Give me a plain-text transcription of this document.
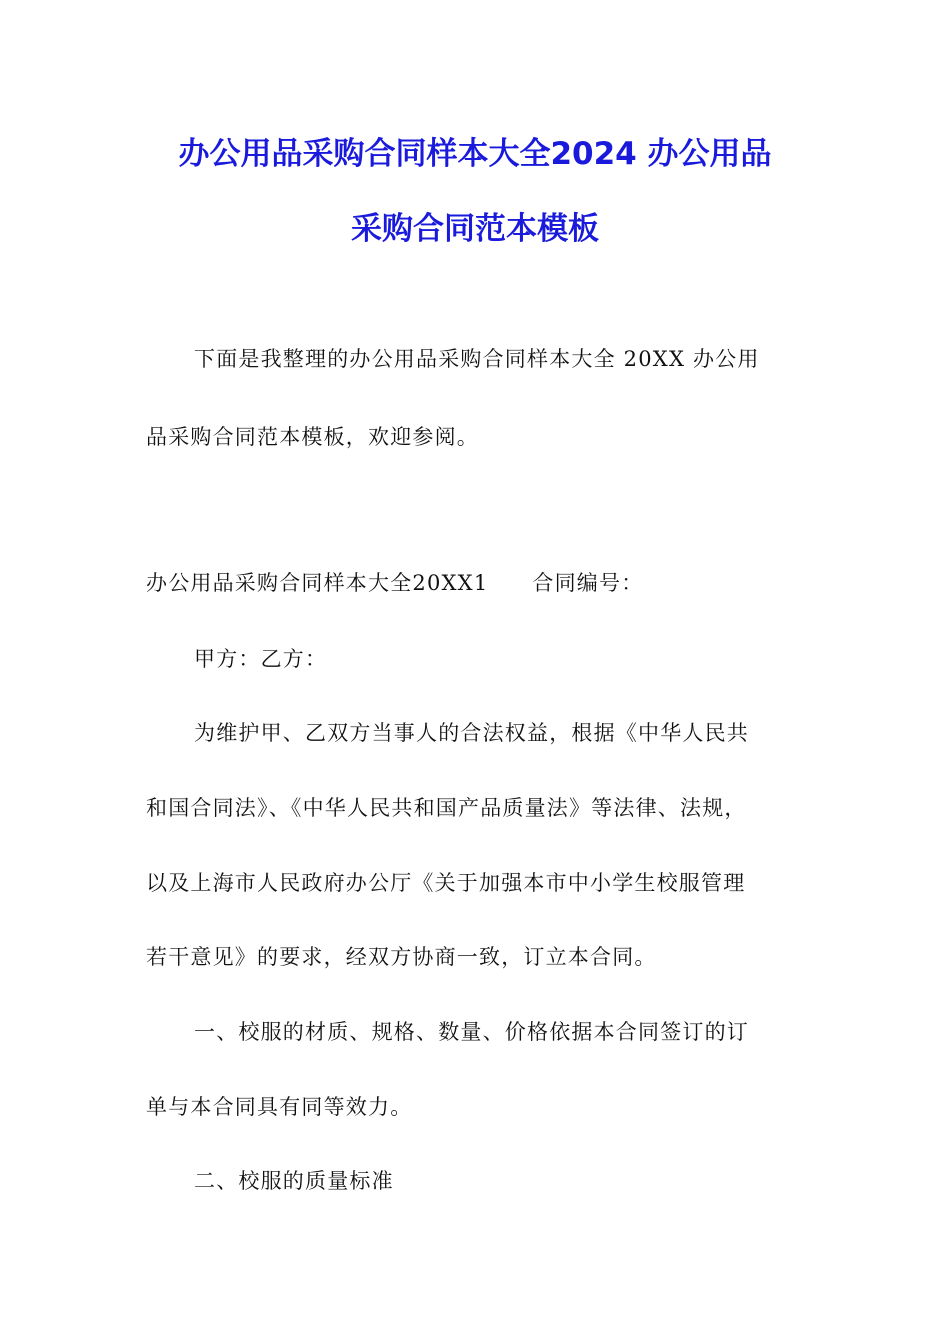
办公用品采购合同样本大全2024 办公用品
采购合同范本模板
下面是我整理的办公用品采购合同样本大全 20XX 办公用
品采购合同范本模板，欢迎参阅。
办公用品采购合同样本大全20XX1 合同编号：
甲方：乙方：
为维护甲、乙双方当事人的合法权益，根据《中华人民共
和国合同法》、《中华人民共和国产品质量法》等法律、法规，
以及上海市人民政府办公厅《关于加强本市中小学生校服管理
若干意见》的要求，经双方协商一致，订立本合同。
一、校服的材质、规格、数量、价格依据本合同签订的订
单与本合同具有同等效力。
二、校服的质量标准
